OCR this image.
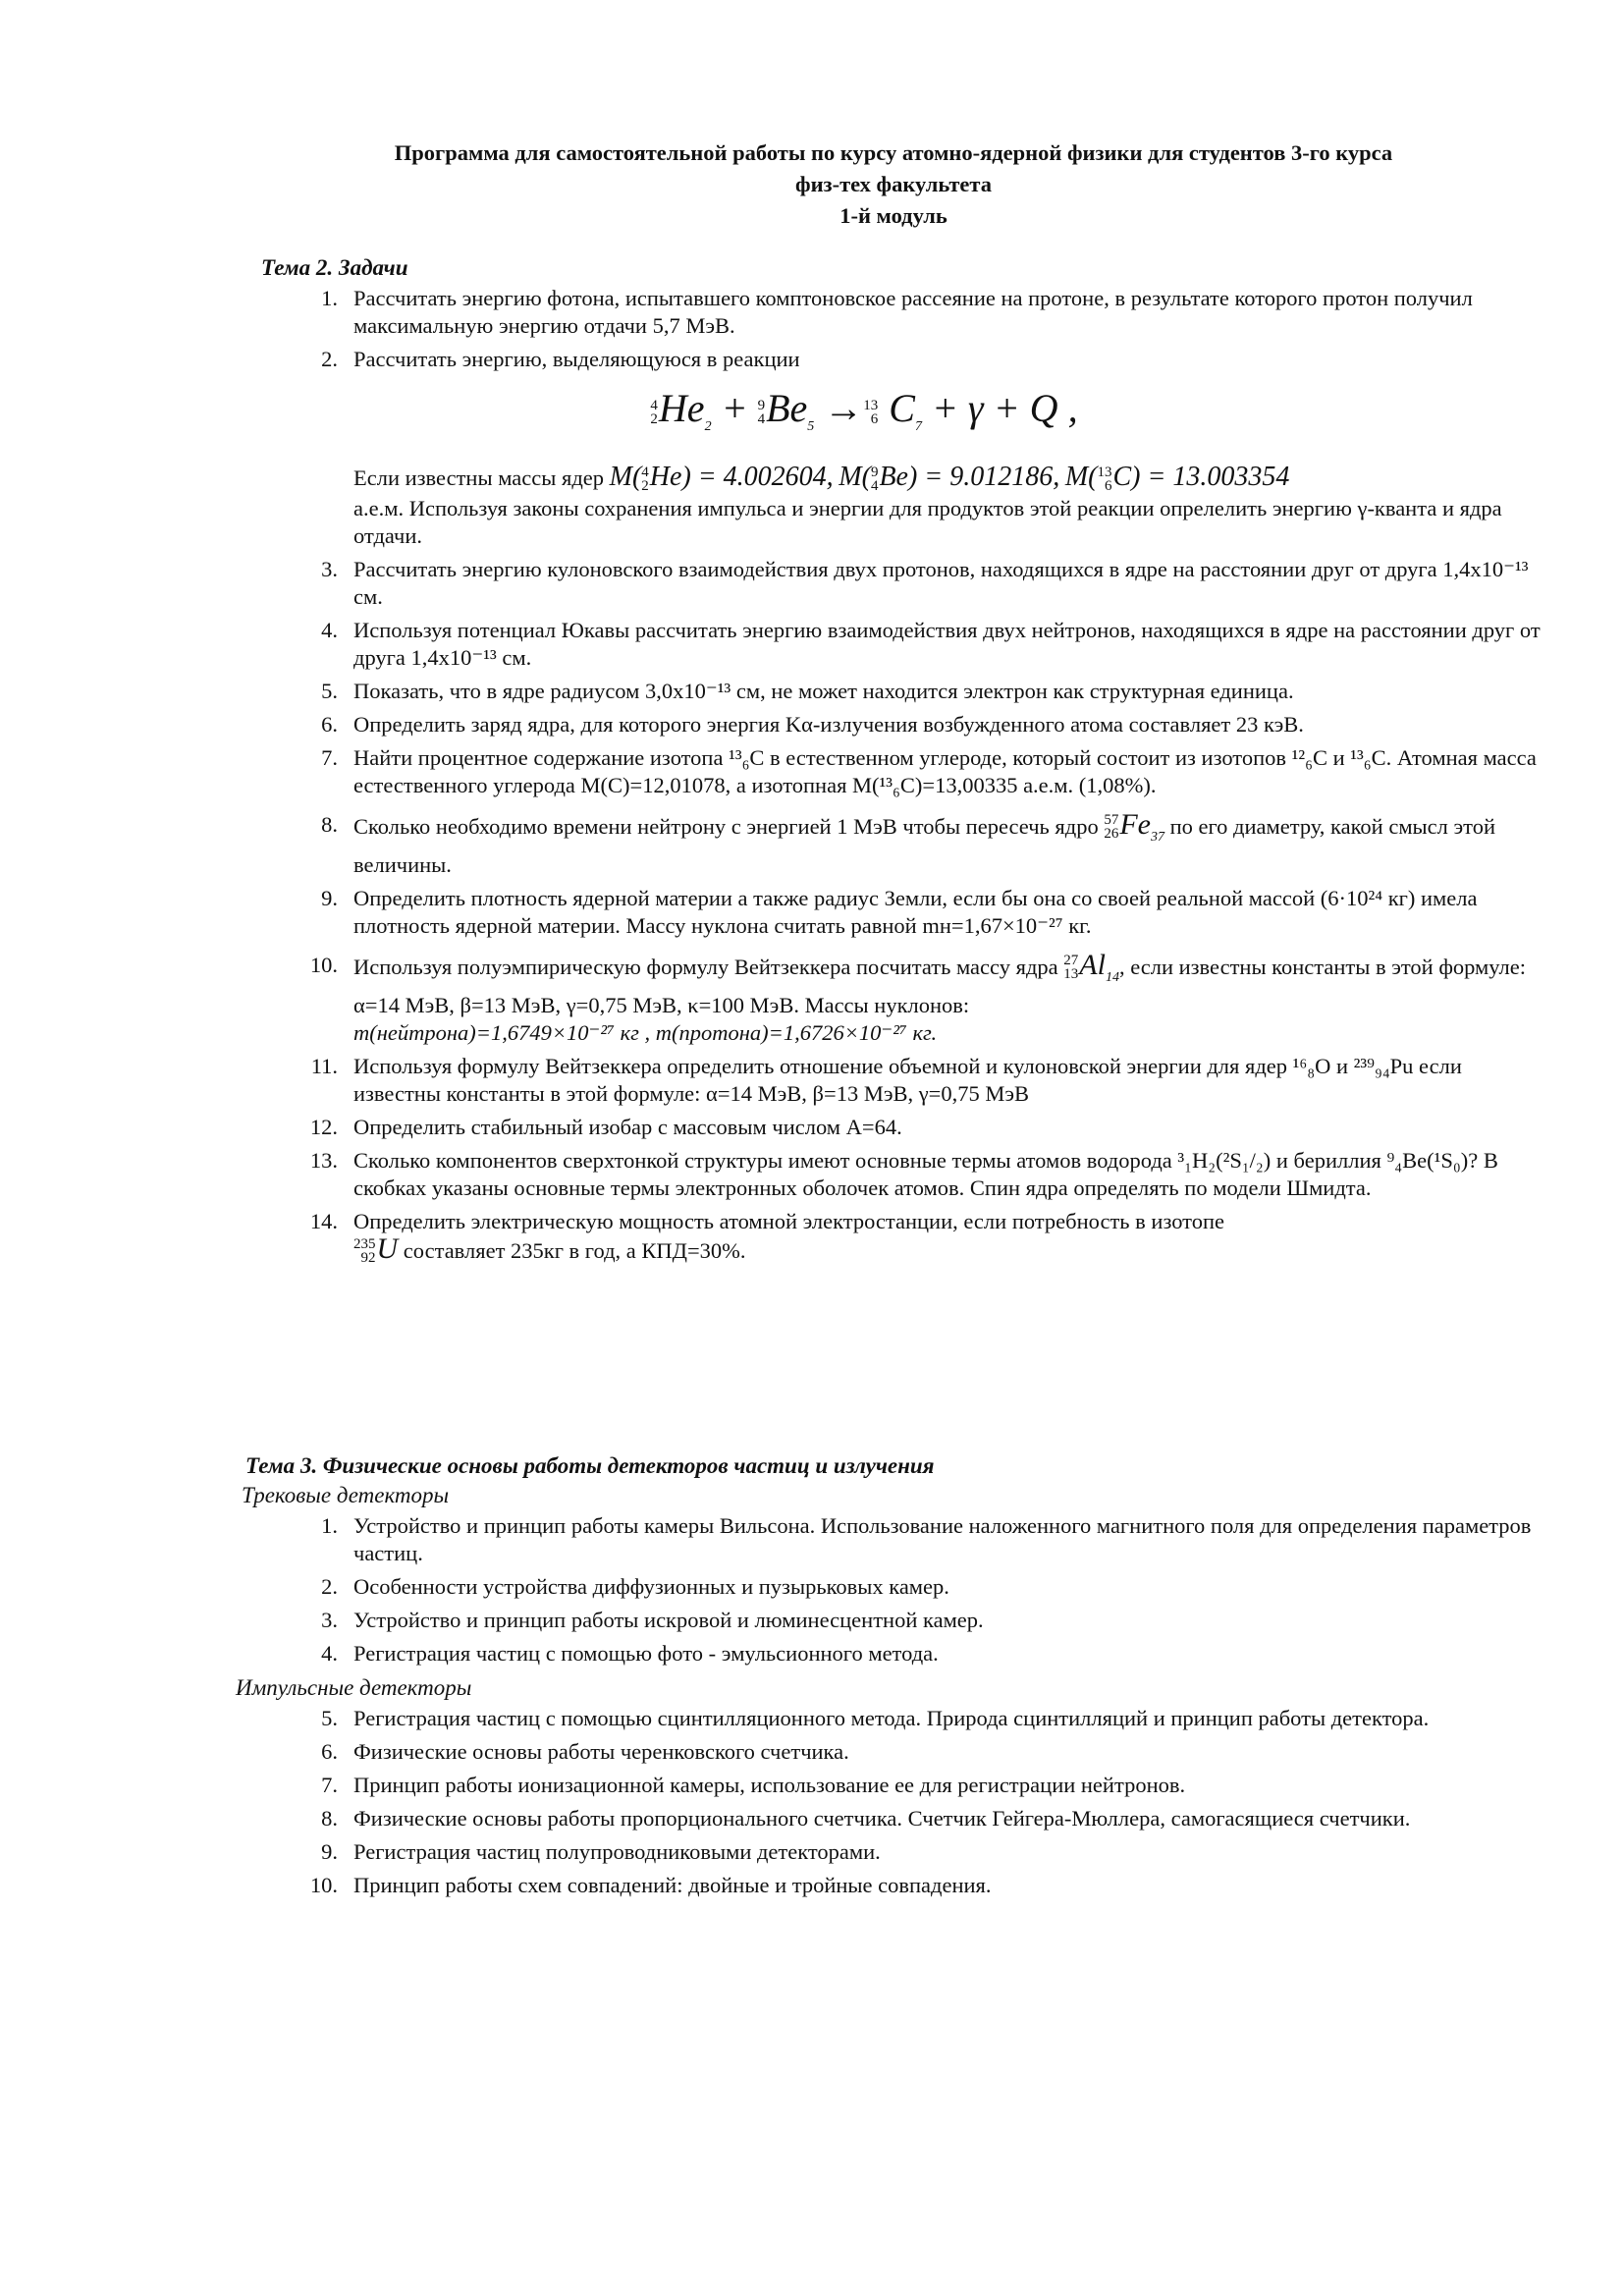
Программа для самостоятельной работы по курсу атомно-ядерной физики для студентов 3-го курса
физ-тех факультета
1-й модуль
Тема 2. Задачи
1. Рассчитать энергию фотона, испытавшего комптоновское рассеяние на протоне, в результате которого протон получил максимальную энергию отдачи 5,7 МэВ.
2. Рассчитать энергию, выделяющуюся в реакции
4
2 $He_2 + 9$
4 $Be_5 \to 13$
6 $C_7 + \gamma + Q$ ,
Если известны массы ядер M( 4
2 He) = 4.002604, M( 9
4 Be) = 9.012186, M( 13
6 C) = 13.003354
а.е.м. Используя законы сохранения импульса и энергии для продуктов этой реакции опрелелить энергию γ-кванта и ядра отдачи.
3. Рассчитать энергию кулоновского взаимодействия двух протонов, находящихся в ядре на расстоянии друг от друга 1,4х10⁻¹³ см.
4. Используя потенциал Юкавы рассчитать энергию взаимодействия двух нейтронов, находящихся в ядре на расстоянии друг от друга 1,4х10⁻¹³ см.
5. Показать, что в ядре радиусом 3,0х10⁻¹³ см, не может находится электрон как структурная единица.
6. Определить заряд ядра, для которого энергия Kα-излучения возбужденного атома составляет 23 кэВ.
7. Найти процентное содержание изотопа ¹³₆С в естественном углероде, который состоит из изотопов ¹²₆С и ¹³₆С. Атомная масса естественного углерода М(С)=12,01078, а изотопная М(¹³₆С)=13,00335 а.е.м. (1,08%).
8. Сколько необходимо времени нейтрону с энергией 1 МэВ чтобы пересечь ядро 57
26 $Fe_{37}$ по его диаметру, какой смысл этой величины.
9. Определить плотность ядерной материи а также радиус Земли, если бы она со своей реальной массой (6·10²⁴ кг) имела плотность ядерной материи. Массу нуклона считать равной mн=1,67×10⁻²⁷ кг.
10. Используя полуэмпирическую формулу Вейтзеккера посчитать массу ядра 27
13 $Al_{14}$, если известны константы в этой формуле: α=14 МэВ, β=13 МэВ, γ=0,75 МэВ, κ=100 МэВ. Массы нуклонов:
m(нейтрона)=1,6749×10⁻²⁷ кг , m(протона)=1,6726×10⁻²⁷ кг.
11. Используя формулу Вейтзеккера определить отношение объемной и кулоновской энергии для ядер ¹⁶₈O и ²³⁹₉₄Pu если известны константы в этой формуле: α=14 МэВ, β=13 МэВ, γ=0,75 МэВ
12. Определить стабильный изобар с массовым числом А=64.
13. Сколько компонентов сверхтонкой структуры имеют основные термы атомов водорода ³₁H₂(²S₁/₂) и бериллия ⁹₄Be(¹S₀)? В скобках указаны основные термы электронных оболочек атомов. Спин ядра определять по модели Шмидта.
14. Определить электрическую мощность атомной электростанции, если потребность в изотопе

235
92 U составляет 235кг в год, а КПД=30%.
Тема 3. Физические основы работы детекторов частиц и излучения
Трековые детекторы
1. Устройство и принцип работы камеры Вильсона. Использование наложенного магнитного поля для определения параметров частиц.
2. Особенности устройства диффузионных и пузырьковых камер.
3. Устройство и принцип работы искровой и люминесцентной камер.
4. Регистрация частиц с помощью фото - эмульсионного метода.
Импульсные детекторы
5. Регистрация частиц с помощью сцинтилляционного метода. Природа сцинтилляций и принцип работы детектора.
6. Физические основы работы черенковского счетчика.
7. Принцип работы ионизационной камеры, использование ее для регистрации нейтронов.
8. Физические основы работы пропорционального счетчика. Счетчик Гейгера-Мюллера, самогасящиеся счетчики.
9. Регистрация частиц полупроводниковыми детекторами.
10. Принцип работы схем совпадений: двойные и тройные совпадения.
